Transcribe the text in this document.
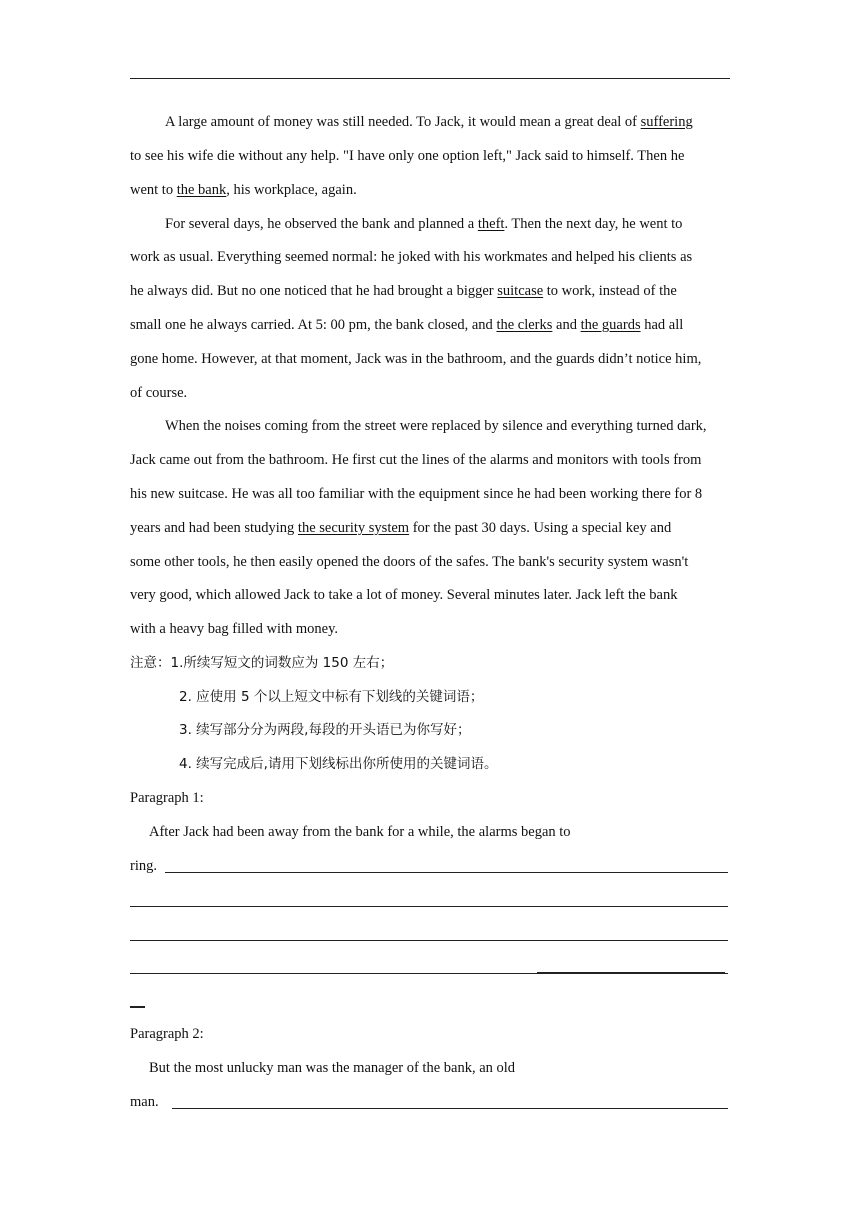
A large amount of money was still needed. To Jack, it would mean a great deal of suffering
to see his wife die without any help. "I have only one option left," Jack said to himself. Then he
went to the bank, his workplace, again.
For several days, he observed the bank and planned a theft. Then the next day, he went to
work as usual. Everything seemed normal: he joked with his workmates and helped his clients as
he always did. But no one noticed that he had brought a bigger suitcase to work, instead of the
small one he always carried. At 5: 00 pm, the bank closed, and the clerks and the guards had all
gone home. However, at that moment, Jack was in the bathroom, and the guards didn’t notice him,
of course.
When the noises coming from the street were replaced by silence and everything turned dark,
Jack came out from the bathroom. He first cut the lines of the alarms and monitors with tools from
his new suitcase. He was all too familiar with the equipment since he had been working there for 8
years and had been studying the security system for the past 30 days. Using a special key and
some other tools, he then easily opened the doors of the safes. The bank's security system wasn't
very good, which allowed Jack to take a lot of money. Several minutes later. Jack left the bank
with a heavy bag filled with money.
注意：1.所续写短文的词数应为 150 左右；
2. 应使用 5 个以上短文中标有下划线的关键词语；
3. 续写部分分为两段,每段的开头语已为你写好；
4. 续写完成后,请用下划线标出你所使用的关键词语。
Paragraph 1:
After Jack had been away from the bank for a while, the alarms began to
ring.
Paragraph 2:
But the most unlucky man was the manager of the bank, an old
man.
